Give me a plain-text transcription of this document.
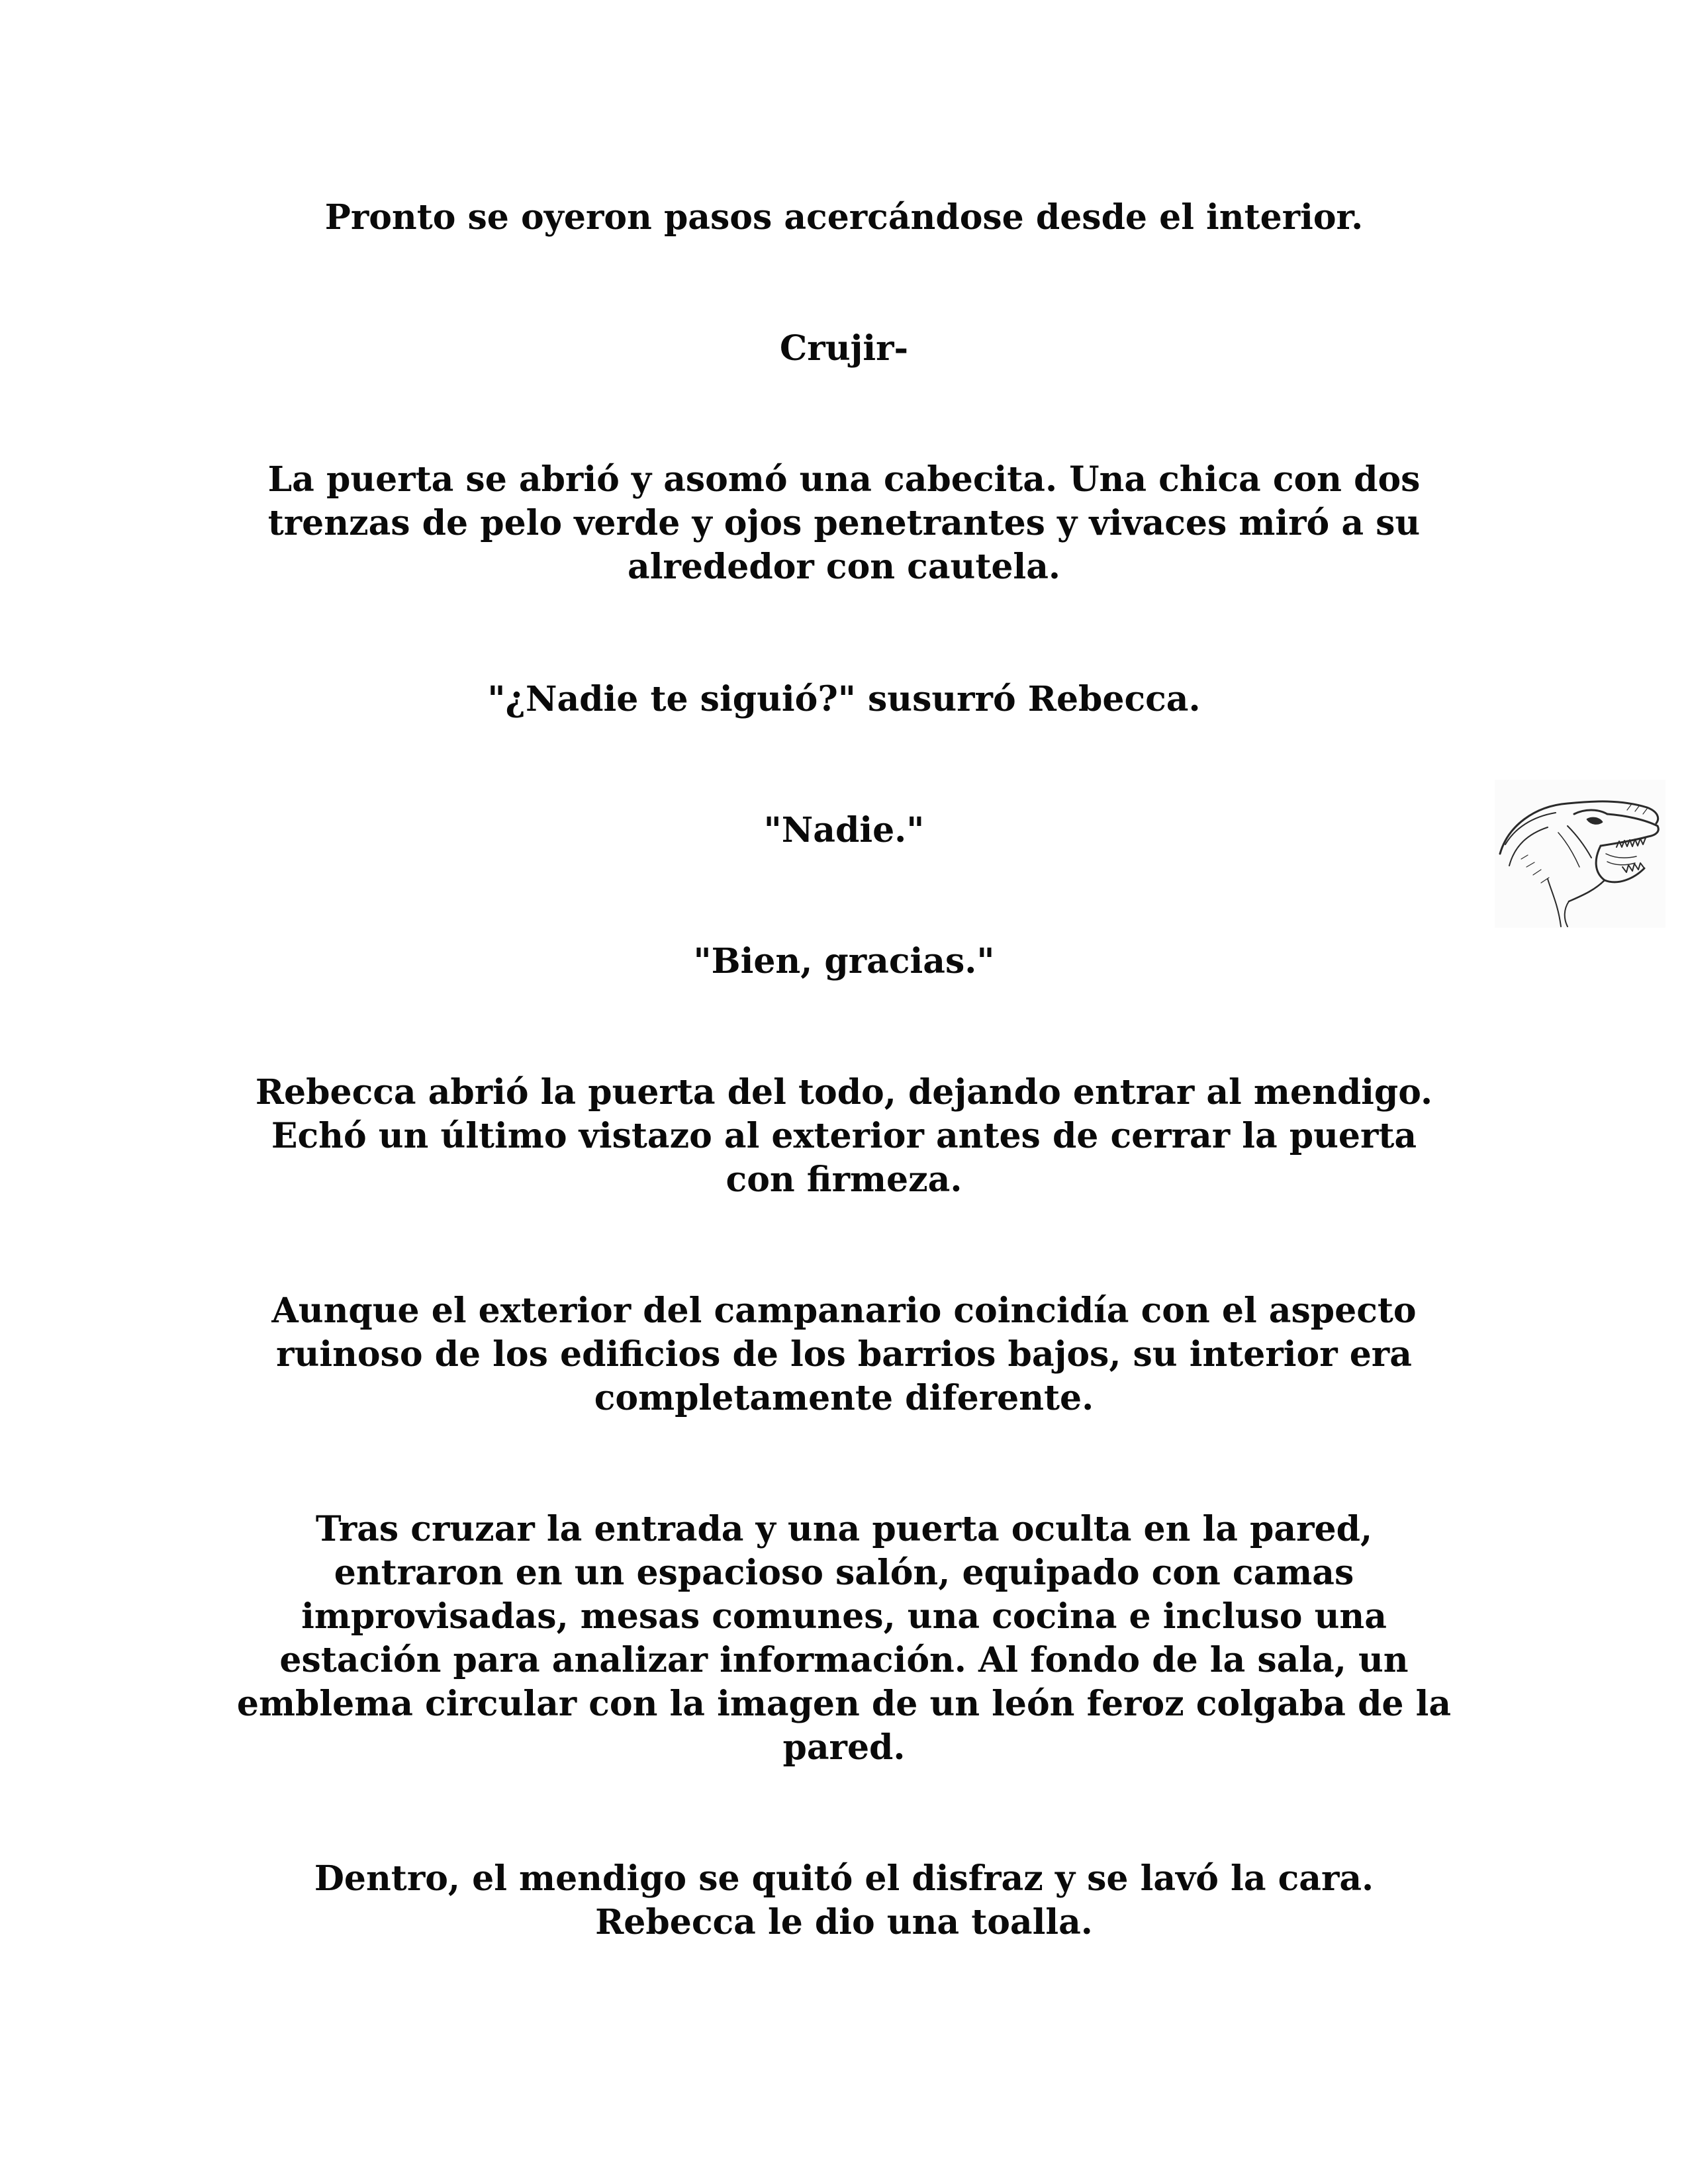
Pronto se oyeron pasos acercándose desde el interior.

Crujir-

La puerta se abrió y asomó una cabecita. Una chica con dos
trenzas de pelo verde y ojos penetrantes y vivaces miró a su
alrededor con cautela.

"¿Nadie te siguió?" susurró Rebecca.

"Nadie."

"Bien, gracias."

Rebecca abrió la puerta del todo, dejando entrar al mendigo.
Echó un último vistazo al exterior antes de cerrar la puerta
con firmeza.

Aunque el exterior del campanario coincidía con el aspecto
ruinoso de los edificios de los barrios bajos, su interior era
completamente diferente.

Tras cruzar la entrada y una puerta oculta en la pared,
entraron en un espacioso salón, equipado con camas
improvisadas, mesas comunes, una cocina e incluso una
estación para analizar información. Al fondo de la sala, un
emblema circular con la imagen de un león feroz colgaba de la
pared.

Dentro, el mendigo se quitó el disfraz y se lavó la cara.
Rebecca le dio una toalla.
